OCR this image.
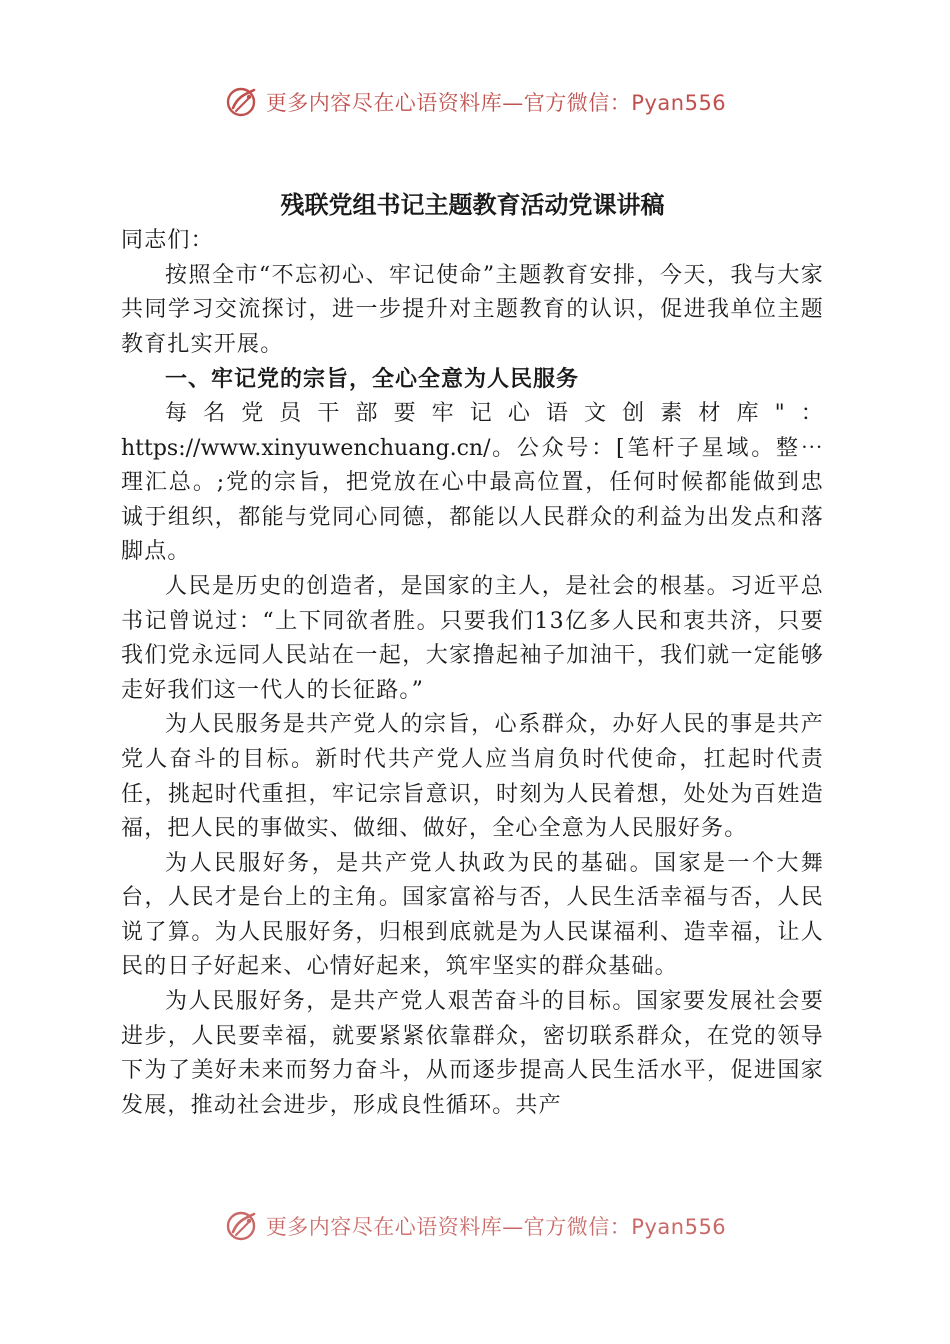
更多内容尽在心语资料库—官方微信：Pyan556
残联党组书记主题教育活动党课讲稿

同志们：

按照全市“不忘初心、牢记使命”主题教育安排，今天，我与大家共同学习交流探讨，进一步提升对主题教育的认识，促进我单位主题教育扎实开展。

一、牢记党的宗旨，全心全意为人民服务

每名党员干部要牢记心语文创素材库"： https://www.xinyuwenchuang.cn/。公众号：[笔杆子星域。整⋯理汇总。;党的宗旨，把党放在心中最高位置，任何时候都能做到忠诚于组织，都能与党同心同德，都能以人民群众的利益为出发点和落脚点。

人民是历史的创造者，是国家的主人，是社会的根基。习近平总书记曾说过：“上下同欲者胜。只要我们13亿多人民和衷共济，只要我们党永远同人民站在一起，大家撸起袖子加油干，我们就一定能够走好我们这一代人的长征路。”

为人民服务是共产党人的宗旨，心系群众，办好人民的事是共产党人奋斗的目标。新时代共产党人应当肩负时代使命，扛起时代责任，挑起时代重担，牢记宗旨意识，时刻为人民着想，处处为百姓造福，把人民的事做实、做细、做好，全心全意为人民服好务。

为人民服好务，是共产党人执政为民的基础。国家是一个大舞台，人民才是台上的主角。国家富裕与否，人民生活幸福与否，人民说了算。为人民服好务，归根到底就是为人民谋福利、造幸福，让人民的日子好起来、心情好起来，筑牢坚实的群众基础。

为人民服好务，是共产党人艰苦奋斗的目标。国家要发展社会要进步，人民要幸福，就要紧紧依靠群众，密切联系群众，在党的领导下为了美好未来而努力奋斗，从而逐步提高人民生活水平，促进国家发展，推动社会进步，形成良性循环。共产

更多内容尽在心语资料库—官方微信：Pyan556
